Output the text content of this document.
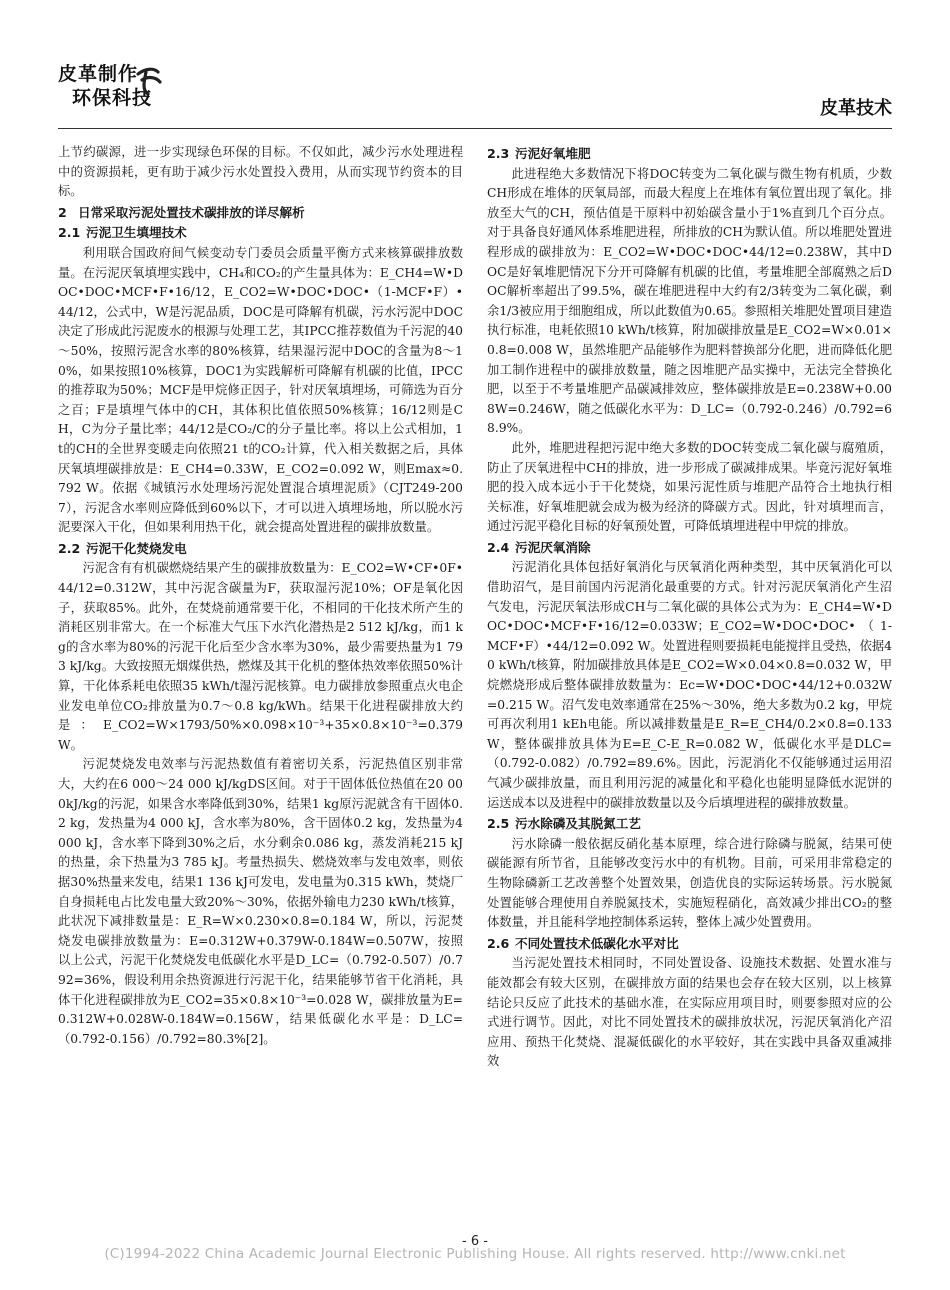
皮革制作
环保科技	皮革技术

上节约碳源，进一步实现绿色环保的目标。不仅如此，减少污水处理进程中的资源损耗，更有助于减少污水处置投入费用，从而实现节约资本的目标。

2 日常采取污泥处置技术碳排放的详尽解析
2.1 污泥卫生填埋技术

利用联合国政府间气候变动专门委员会质量平衡方式来核算碳排放数量。在污泥厌氧填埋实践中，CH₄和CO₂的产生量具体为：E_CH4=W•DOC•DOC•MCF•F•16/12，E_CO2=W•DOC•DOC•（1-MCF•F）•44/12，公式中，W是污泥品质，DOC是可降解有机碳，污水污泥中DOC决定了形成此污泥废水的根源与处理工艺，其IPCC推荐数值为千污泥的40～50%，按照污泥含水率的80%核算，结果湿污泥中DOC的含量为8～10%，如果按照10%核算，DOC1为实践解析可降解有机碳的比值，IPCC的推荐取为50%；MCF是甲烷修正因子，针对厌氧填埋场，可筛选为百分之百；F是填埋气体中的CH，其体积比值依照50%核算；16/12则是CH，C为分子量比率；44/12是CO₂/C的分子量比率。将以上公式相加，1 t的CH的全世界变暖走向依照21 t的CO₂计算，代入相关数据之后，具体厌氧填埋碳排放是：E_CH4=0.33W，E_CO2=0.092 W，则Emax≈0.792 W。依据《城镇污水处理场污泥处置混合填埋泥质》（CJT249-2007），污泥含水率则应降低到60%以下，才可以进入填埋场地，所以脱水污泥要深入干化，但如果利用热干化，就会提高处置进程的碳排放数量。

2.2 污泥干化焚烧发电

污泥含有有机碳燃烧结果产生的碳排放数量为：E_CO2=W•CF•0F•44/12=0.312W，其中污泥含碳量为F，获取湿污泥10%；OF是氧化因子，获取85%。此外，在焚烧前通常要干化，不相同的干化技术所产生的消耗区别非常大。在一个标准大气压下水汽化潜热是2 512 kJ/kg，而1 kg的含水率为80%的污泥干化后至少含水率为30%，最少需要热量为1 793 kJ/kg。大致按照无烟煤供热，燃煤及其干化机的整体热效率依照50%计算，干化体系耗电依照35 kWh/t湿污泥核算。电力碳排放参照重点火电企业发电单位CO₂排放量为0.7～0.8 kg/kWh。结果干化进程碳排放大约是：E_CO2=W×1793/50%×0.098×10⁻³+35×0.8×10⁻³=0.379 W。

污泥焚烧发电效率与污泥热数值有着密切关系，污泥热值区别非常大，大约在6 000～24 000 kJ/kgDS区间。对于干固体低位热值在20 000kJ/kg的污泥，如果含水率降低到30%，结果1 kg原污泥就含有干固体0.2 kg，发热量为4 000 kJ，含水率为80%，含干固体0.2 kg，发热量为4 000 kJ，含水率下降到30%之后，水分剩余0.086 kg，蒸发消耗215 kJ的热量，余下热量为3 785 kJ。考量热损失、燃烧效率与发电效率，则依据30%热量来发电，结果1 136 kJ可发电，发电量为0.315 kWh，焚烧厂自身损耗电占比发电量大致20%～30%，依据外输电力230 kWh/t核算，此状况下减排数量是：E_R=W×0.230×0.8=0.184 W，所以，污泥焚烧发电碳排放数量为：E=0.312W+0.379W-0.184W=0.507W，按照以上公式，污泥干化焚烧发电低碳化水平是D_LC=（0.792-0.507）/0.792=36%，假设利用余热资源进行污泥干化，结果能够节省干化消耗，具体干化进程碳排放为E_CO2=35×0.8×10⁻³=0.028 W，碳排放量为E=0.312W+0.028W-0.184W=0.156W，结果低碳化水平是：D_LC=（0.792-0.156）/0.792=80.3%[2]。

2.3 污泥好氧堆肥

此进程绝大多数情况下将DOC转变为二氧化碳与微生物有机质，少数CH形成在堆体的厌氧局部，而最大程度上在堆体有氧位置出现了氧化。排放至大气的CH，预估值是干原料中初始碳含量小于1%直到几个百分点。对于具备良好通风体系堆肥进程，所排放的CH为默认值。所以堆肥处置进程形成的碳排放为：E_CO2=W•DOC•DOC•44/12=0.238W，其中DOC是好氧堆肥情况下分开可降解有机碳的比值，考量堆肥全部腐熟之后DOC解析率超出了99.5%，碳在堆肥进程中大约有2/3转变为二氧化碳，剩余1/3被应用于细胞组成，所以此数值为0.65。参照相关堆肥处置项目建造执行标准，电耗依照10 kWh/t核算，附加碳排放量是E_CO2=W×0.01×0.8=0.008 W，虽然堆肥产品能够作为肥料替换部分化肥，进而降低化肥加工制作进程中的碳排放数量，随之因堆肥产品实操中，无法完全替换化肥，以至于不考量堆肥产品碳减排效应，整体碳排放是E=0.238W+0.008W=0.246W，随之低碳化水平为：D_LC=（0.792-0.246）/0.792=68.9%。

此外，堆肥进程把污泥中绝大多数的DOC转变成二氧化碳与腐殖质，防止了厌氧进程中CH的排放，进一步形成了碳减排成果。毕竟污泥好氧堆肥的投入成本远小于干化焚烧，如果污泥性质与堆肥产品符合土地执行相关标准，好氧堆肥就会成为极为经济的降碳方式。因此，针对填埋而言，通过污泥平稳化目标的好氧预处置，可降低填埋进程中甲烷的排放。

2.4 污泥厌氧消除

污泥消化具体包括好氧消化与厌氧消化两种类型，其中厌氧消化可以借助沼气，是目前国内污泥消化最重要的方式。针对污泥厌氧消化产生沼气发电，污泥厌氧法形成CH与二氧化碳的具体公式为为：E_CH4=W•DOC•DOC•MCF•F•16/12=0.033W；E_CO2=W•DOC•DOC•（1-MCF•F）•44/12=0.092 W。处置进程则要损耗电能搅拌且受热，依据40 kWh/t核算，附加碳排放具体是E_CO2=W×0.04×0.8=0.032 W，甲烷燃烧形成后整体碳排放数量为：Ec=W•DOC•DOC•44/12+0.032W=0.215 W。沼气发电效率通常在25%～30%，绝大多数为0.2 kg，甲烷可再次利用1 kEh电能。所以减排数量是E_R=E_CH4/0.2×0.8=0.133 W，整体碳排放具体为E=E_C-E_R=0.082 W，低碳化水平是DLC=（0.792-0.082）/0.792=89.6%。因此，污泥消化不仅能够通过运用沼气减少碳排放量，而且利用污泥的减量化和平稳化也能明显降低水泥饼的运送成本以及进程中的碳排放数量以及今后填埋进程的碳排放数量。

2.5 污水除磷及其脱氮工艺

污水除磷一般依据反硝化基本原理，综合进行除磷与脱氮，结果可使碳能源有所节省，且能够改变污水中的有机物。目前，可采用非常稳定的生物除磷新工艺改善整个处置效果，创造优良的实际运转场景。污水脱氮处置能够合理使用自养脱氮技术，实施短程硝化，高效减少排出CO₂的整体数量，并且能科学地控制体系运转，整体上减少处置费用。

2.6 不同处置技术低碳化水平对比

当污泥处置技术相同时，不同处置设备、设施技术数据、处置水准与能效都会有较大区别，在碳排放方面的结果也会存在较大区别，以上核算结论只反应了此技术的基础水准，在实际应用项目时，则要参照对应的公式进行调节。因此，对比不同处置技术的碳排放状况，污泥厌氧消化产沼应用、预热干化焚烧、混凝低碳化的水平较好，其在实践中具备双重减排效

- 6 -
(C)1994-2022 China Academic Journal Electronic Publishing House. All rights reserved. http://www.cnki.net
